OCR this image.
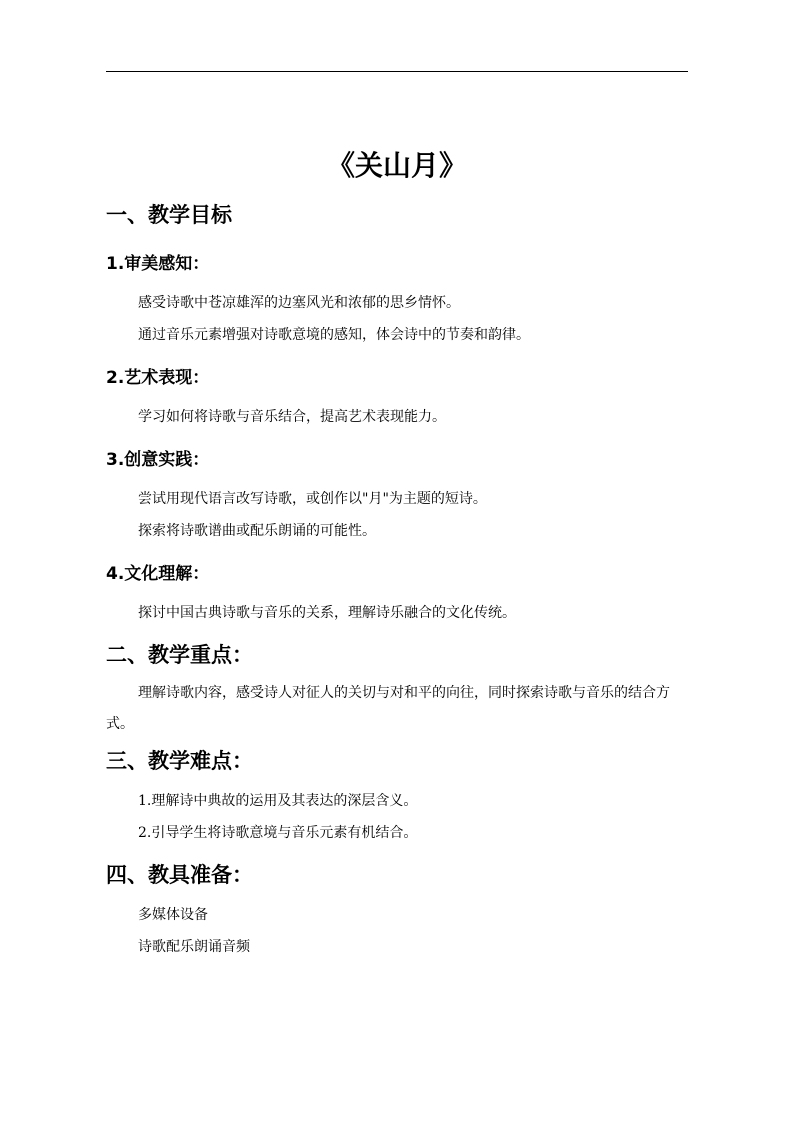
《关山月》
一、教学目标
1.审美感知：

感受诗歌中苍凉雄浑的边塞风光和浓郁的思乡情怀。

通过音乐元素增强对诗歌意境的感知，体会诗中的节奏和韵律。

2.艺术表现：

学习如何将诗歌与音乐结合，提高艺术表现能力。

3.创意实践：

尝试用现代语言改写诗歌，或创作以"月"为主题的短诗。

探索将诗歌谱曲或配乐朗诵的可能性。

4.文化理解：

探讨中国古典诗歌与音乐的关系，理解诗乐融合的文化传统。

二、教学重点：

理解诗歌内容，感受诗人对征人的关切与对和平的向往，同时探索诗歌与音乐的结合方式。

三、教学难点：

1.理解诗中典故的运用及其表达的深层含义。

2.引导学生将诗歌意境与音乐元素有机结合。

四、教具准备：

多媒体设备

诗歌配乐朗诵音频
